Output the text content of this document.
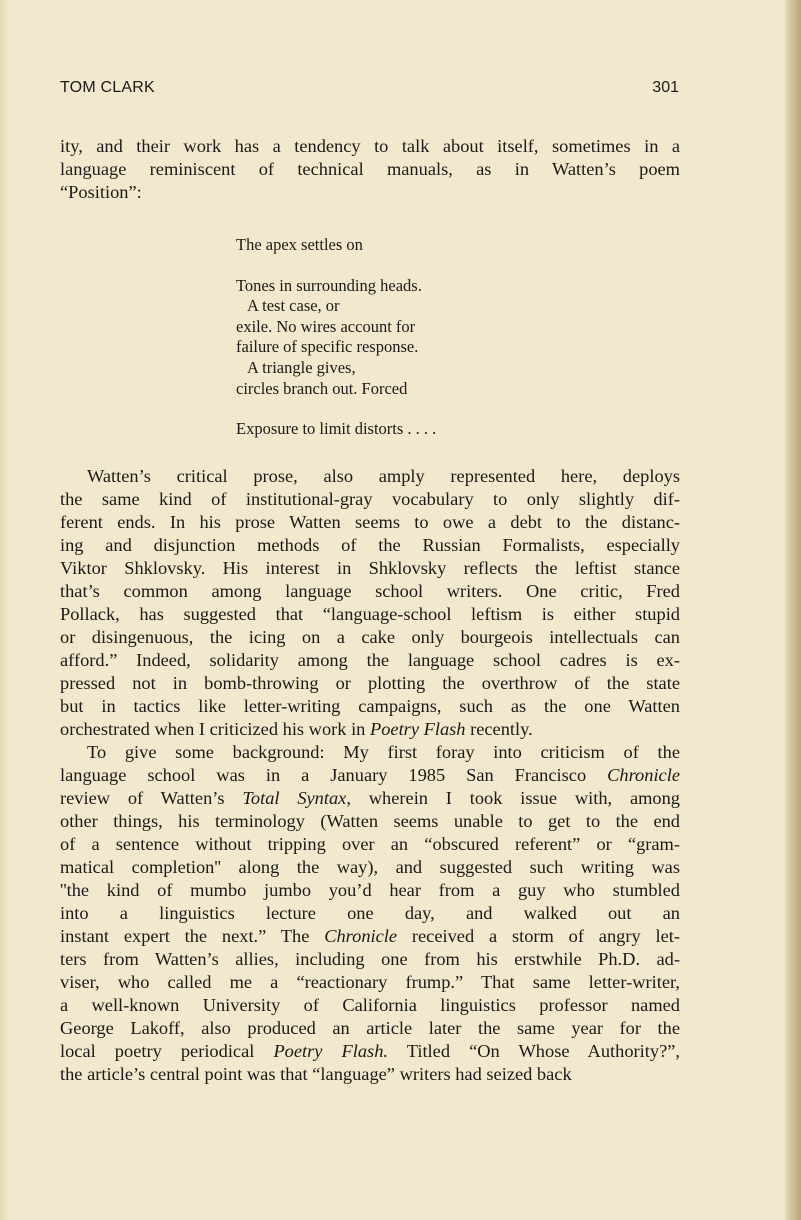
TOM CLARK	301
ity, and their work has a tendency to talk about itself, sometimes in a
language reminiscent of technical manuals, as in Watten’s poem
“Position”:
The apex settles on
Tones in surrounding heads.
A test case, or
exile. No wires account for
failure of specific response.
A triangle gives,
circles branch out. Forced
Exposure to limit distorts . . . .
Watten’s critical prose, also amply represented here, deploys
the same kind of institutional-gray vocabulary to only slightly dif-
ferent ends. In his prose Watten seems to owe a debt to the distanc-
ing and disjunction methods of the Russian Formalists, especially
Viktor Shklovsky. His interest in Shklovsky reflects the leftist stance
that’s common among language school writers. One critic, Fred
Pollack, has suggested that “language-school leftism is either stupid
or disingenuous, the icing on a cake only bourgeois intellectuals can
afford.” Indeed, solidarity among the language school cadres is ex-
pressed not in bomb-throwing or plotting the overthrow of the state
but in tactics like letter-writing campaigns, such as the one Watten
orchestrated when I criticized his work in Poetry Flash recently.
To give some background: My first foray into criticism of the
language school was in a January 1985 San Francisco Chronicle
review of Watten’s Total Syntax, wherein I took issue with, among
other things, his terminology (Watten seems unable to get to the end
of a sentence without tripping over an “obscured referent” or “gram-
matical completion'' along the way), and suggested such writing was
''the kind of mumbo jumbo you’d hear from a guy who stumbled
into a linguistics lecture one day, and walked out an
instant expert the next.” The Chronicle received a storm of angry let-
ters from Watten’s allies, including one from his erstwhile Ph.D. ad-
viser, who called me a “reactionary frump.” That same letter-writer,
a well-known University of California linguistics professor named
George Lakoff, also produced an article later the same year for the
local poetry periodical Poetry Flash. Titled “On Whose Authority?”,
the article’s central point was that “language” writers had seized back
